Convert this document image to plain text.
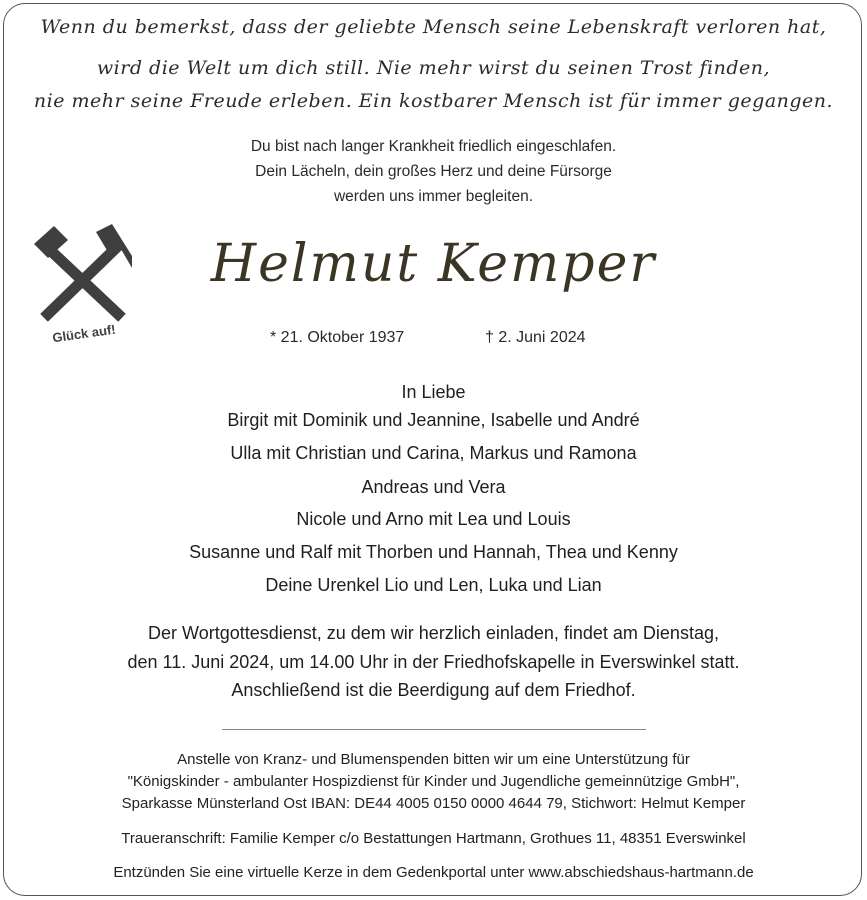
Wenn du bemerkst, dass der geliebte Mensch seine Lebenskraft verloren hat,
wird die Welt um dich still. Nie mehr wirst du seinen Trost finden,
nie mehr seine Freude erleben. Ein kostbarer Mensch ist für immer gegangen.
Du bist nach langer Krankheit friedlich eingeschlafen.
Dein Lächeln, dein großes Herz und deine Fürsorge
werden uns immer begleiten.
Glück auf!
Helmut Kemper
* 21. Oktober 1937	† 2. Juni 2024
In Liebe
Birgit mit Dominik und Jeannine, Isabelle und André
Ulla mit Christian und Carina, Markus und Ramona
Andreas und Vera
Nicole und Arno mit Lea und Louis
Susanne und Ralf mit Thorben und Hannah, Thea und Kenny
Deine Urenkel Lio und Len, Luka und Lian
Der Wortgottesdienst, zu dem wir herzlich einladen, findet am Dienstag,
den 11. Juni 2024, um 14.00 Uhr in der Friedhofskapelle in Everswinkel statt.
Anschließend ist die Beerdigung auf dem Friedhof.
Anstelle von Kranz- und Blumenspenden bitten wir um eine Unterstützung für
"Königskinder - ambulanter Hospizdienst für Kinder und Jugendliche gemeinnützige GmbH",
Sparkasse Münsterland Ost IBAN: DE44 4005 0150 0000 4644 79, Stichwort: Helmut Kemper
Traueranschrift: Familie Kemper c/o Bestattungen Hartmann, Grothues 11, 48351 Everswinkel
Entzünden Sie eine virtuelle Kerze in dem Gedenkportal unter www.abschiedshaus-hartmann.de
